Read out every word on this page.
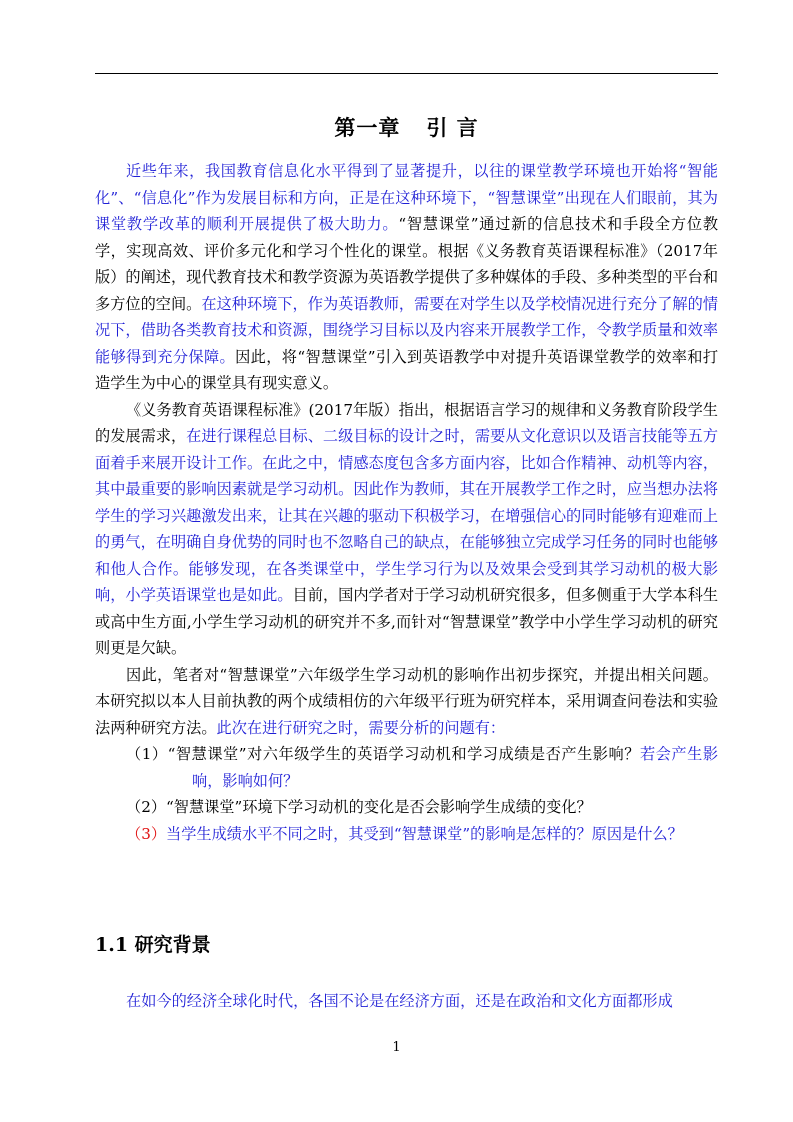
第一章 引 言

近些年来，我国教育信息化水平得到了显著提升，以往的课堂教学环境也开始将“智能化”、“信息化”作为发展目标和方向，正是在这种环境下，“智慧课堂”出现在人们眼前，其为课堂教学改革的顺利开展提供了极大助力。“智慧课堂”通过新的信息技术和手段全方位教学，实现高效、评价多元化和学习个性化的课堂。根据《义务教育英语课程标准》（2017年版）的阐述，现代教育技术和教学资源为英语教学提供了多种媒体的手段、多种类型的平台和多方位的空间。在这种环境下，作为英语教师，需要在对学生以及学校情况进行充分了解的情况下，借助各类教育技术和资源，围绕学习目标以及内容来开展教学工作，令教学质量和效率能够得到充分保障。因此，将“智慧课堂”引入到英语教学中对提升英语课堂教学的效率和打造学生为中心的课堂具有现实意义。

《义务教育英语课程标准》(2017年版）指出，根据语言学习的规律和义务教育阶段学生的发展需求，在进行课程总目标、二级目标的设计之时，需要从文化意识以及语言技能等五方面着手来展开设计工作。在此之中，情感态度包含多方面内容，比如合作精神、动机等内容，其中最重要的影响因素就是学习动机。因此作为教师，其在开展教学工作之时，应当想办法将学生的学习兴趣激发出来，让其在兴趣的驱动下积极学习，在增强信心的同时能够有迎难而上的勇气，在明确自身优势的同时也不忽略自己的缺点，在能够独立完成学习任务的同时也能够和他人合作。能够发现，在各类课堂中，学生学习行为以及效果会受到其学习动机的极大影响，小学英语课堂也是如此。目前，国内学者对于学习动机研究很多，但多侧重于大学本科生或高中生方面,小学生学习动机的研究并不多,而针对“智慧课堂”教学中小学生学习动机的研究则更是欠缺。

因此，笔者对“智慧课堂”六年级学生学习动机的影响作出初步探究，并提出相关问题。本研究拟以本人目前执教的两个成绩相仿的六年级平行班为研究样本，采用调查问卷法和实验法两种研究方法。此次在进行研究之时，需要分析的问题有：

（1）“智慧课堂”对六年级学生的英语学习动机和学习成绩是否产生影响？若会产生影响，影响如何？

（2）“智慧课堂”环境下学习动机的变化是否会影响学生成绩的变化？

（3）当学生成绩水平不同之时，其受到“智慧课堂”的影响是怎样的？原因是什么？

1.1 研究背景
在如今的经济全球化时代，各国不论是在经济方面，还是在政治和文化方面都形成
1
